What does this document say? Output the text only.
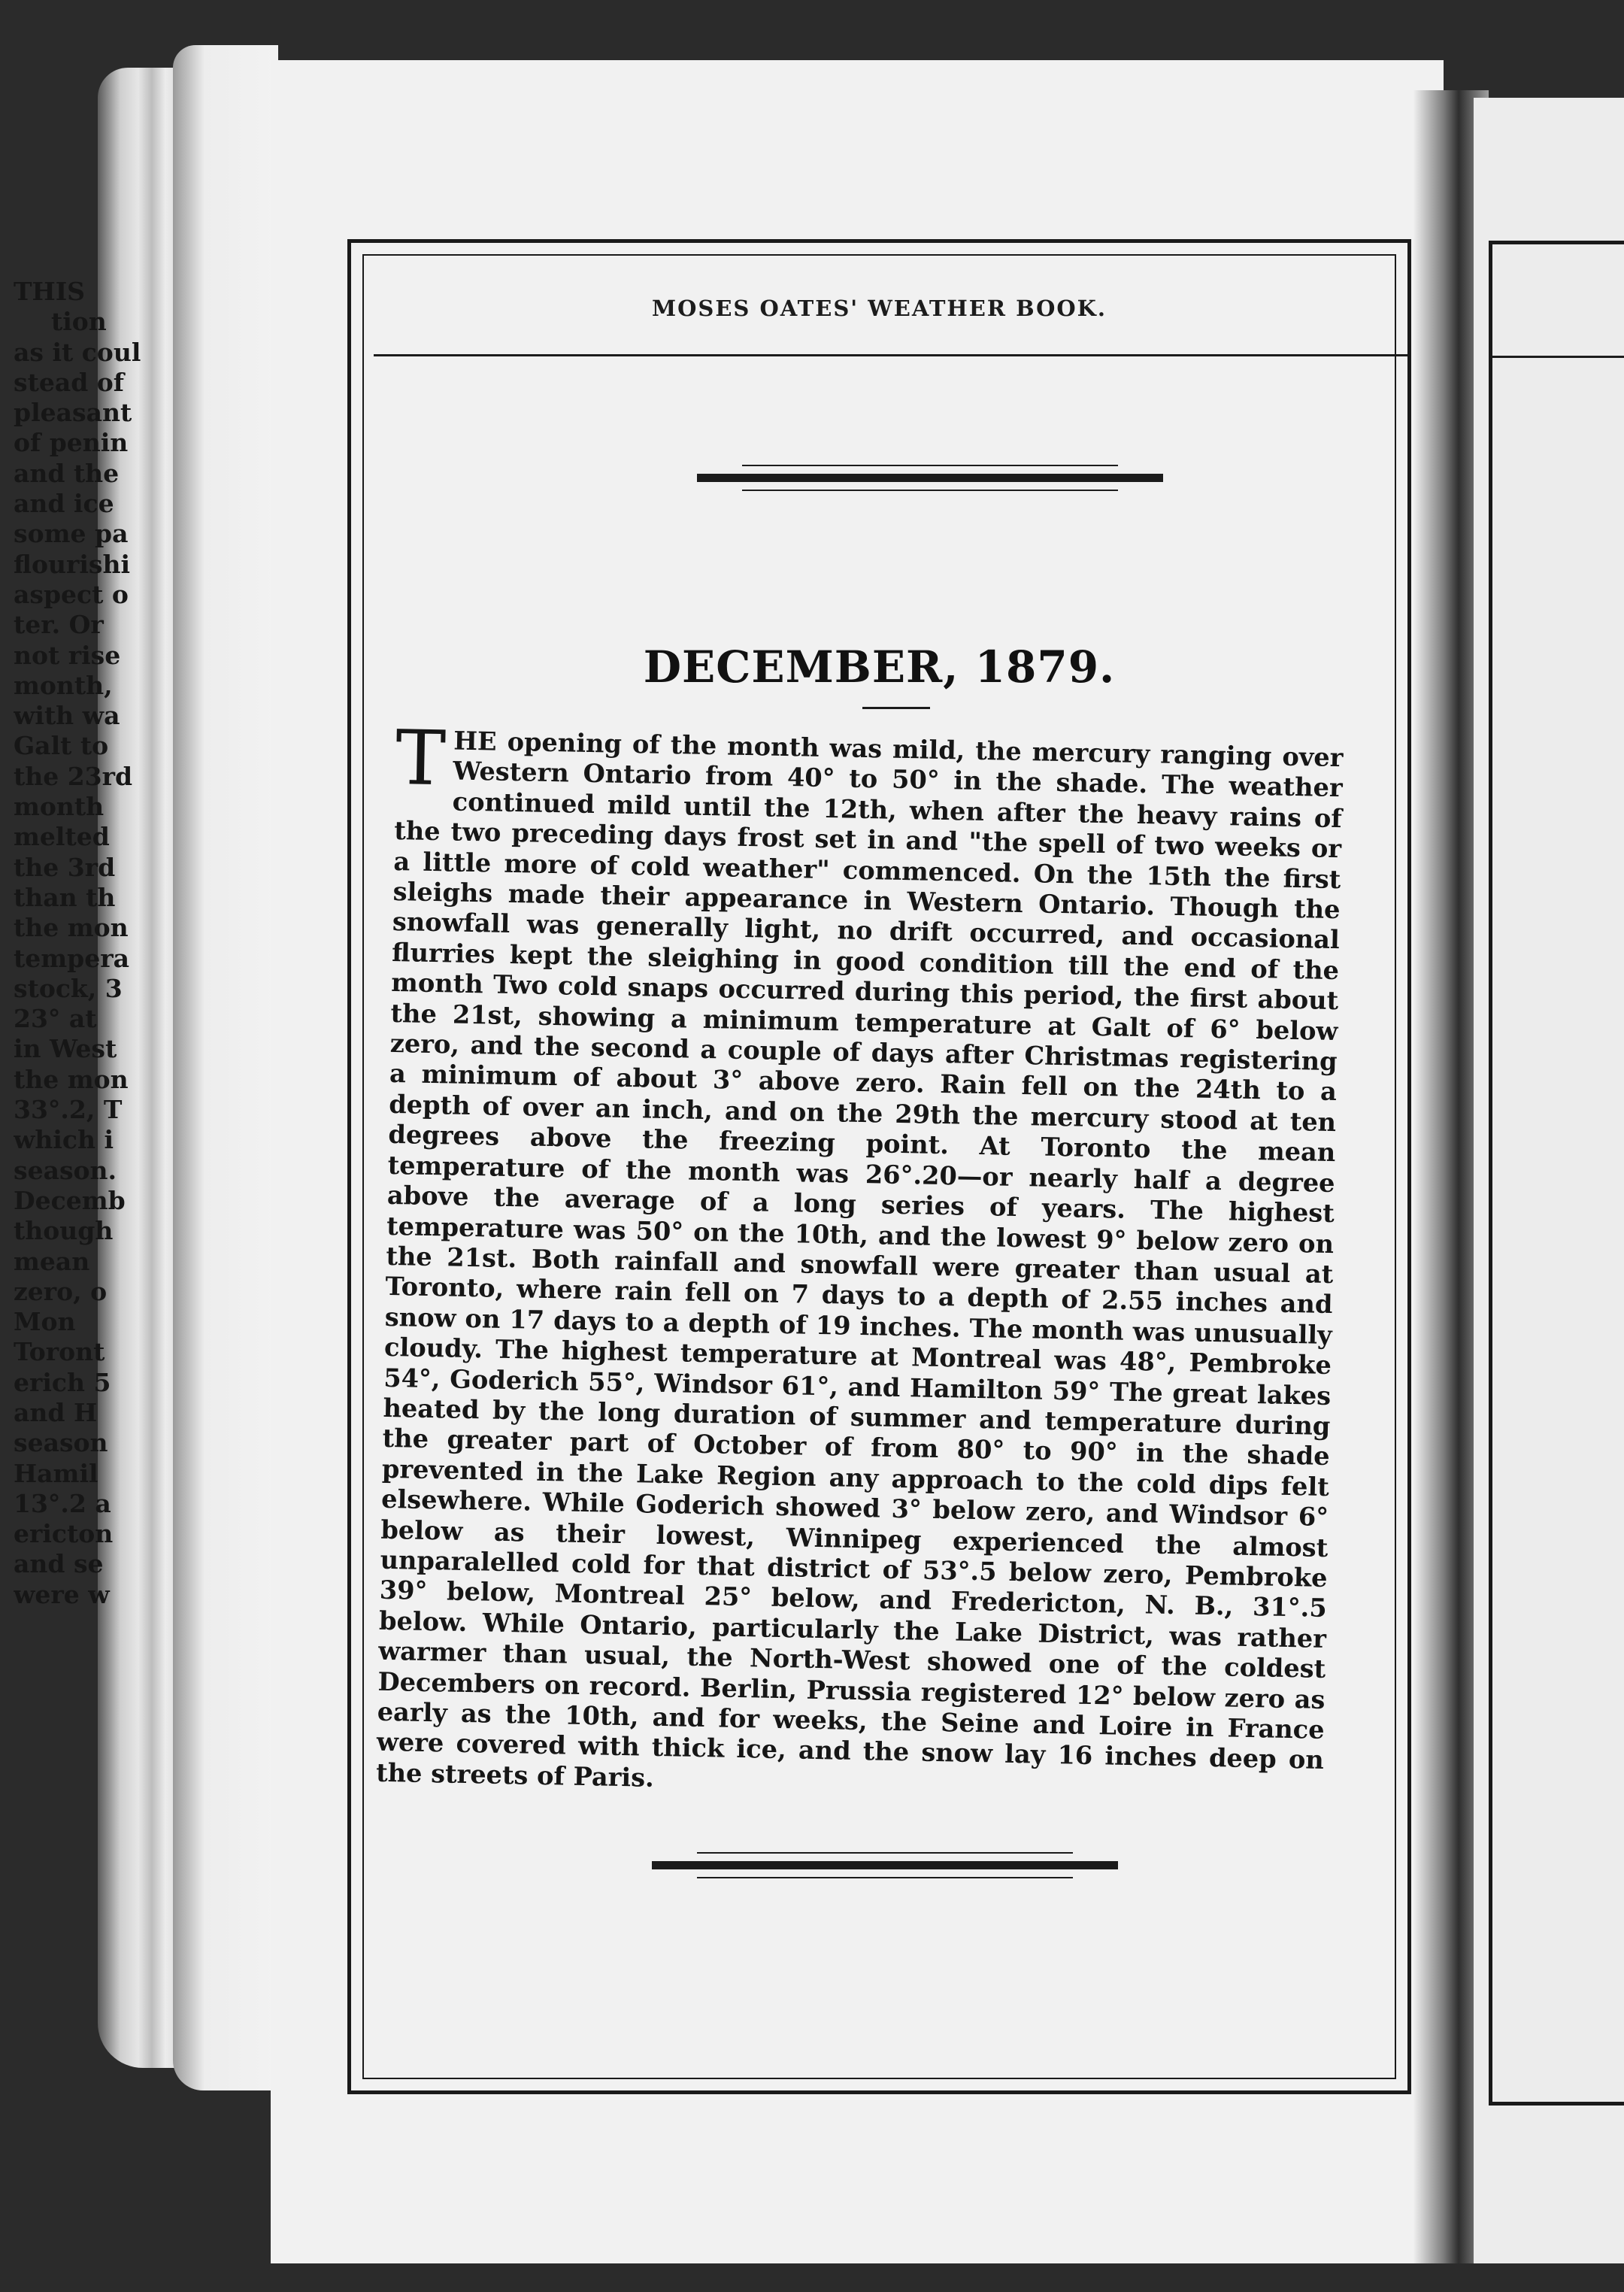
MOSES OATES' WEATHER BOOK.
DECEMBER, 1879.
THE opening of the month was mild, the mercury ranging over Western Ontario from 40° to 50° in the shade. The weather continued mild until the 12th, when after the heavy rains of the two preceding days frost set in and "the spell of two weeks or a little more of cold weather" commenced. On the 15th the first sleighs made their appearance in Western Ontario. Though the snowfall was generally light, no drift occurred, and occasional flurries kept the sleighing in good condition till the end of the month Two cold snaps occurred during this period, the first about the 21st, showing a minimum temperature at Galt of 6° below zero, and the second a couple of days after Christmas registering a minimum of about 3° above zero. Rain fell on the 24th to a depth of over an inch, and on the 29th the mercury stood at ten degrees above the freezing point. At Toronto the mean temperature of the month was 26°.20—or nearly half a degree above the average of a long series of years. The highest temperature was 50° on the 10th, and the lowest 9° below zero on the 21st. Both rainfall and snowfall were greater than usual at Toronto, where rain fell on 7 days to a depth of 2.55 inches and snow on 17 days to a depth of 19 inches. The month was unusually cloudy. The highest temperature at Montreal was 48°, Pembroke 54°, Goderich 55°, Windsor 61°, and Hamilton 59° The great lakes heated by the long duration of summer and temperature during the greater part of October of from 80° to 90° in the shade prevented in the Lake Region any approach to the cold dips felt elsewhere. While Goderich showed 3° below zero, and Windsor 6° below as their lowest, Winnipeg experienced the almost unparalelled cold for that district of 53°.5 below zero, Pembroke 39° below, Montreal 25° below, and Fredericton, N. B., 31°.5 below. While Ontario, particularly the Lake District, was rather warmer than usual, the North-West showed one of the coldest Decembers on record. Berlin, Prussia registered 12° below zero as early as the 10th, and for weeks, the Seine and Loire in France were covered with thick ice, and the snow lay 16 inches deep on the streets of Paris.
THIS
tion
as it coul
stead of
pleasant
of penin
and the
and ice
some pa
flourishi
aspect o
ter. Or
not rise
month,
with wa
Galt to
the 23rd
month
melted
the 3rd
than th
the mon
tempera
stock, 3
23° at
in West
the mon
33°.2, T
which i
season.
Decemb
though
mean
zero, o
Mon
Toront
erich 5
and H
season
Hamil
13°.2 a
ericton
and se
were w
